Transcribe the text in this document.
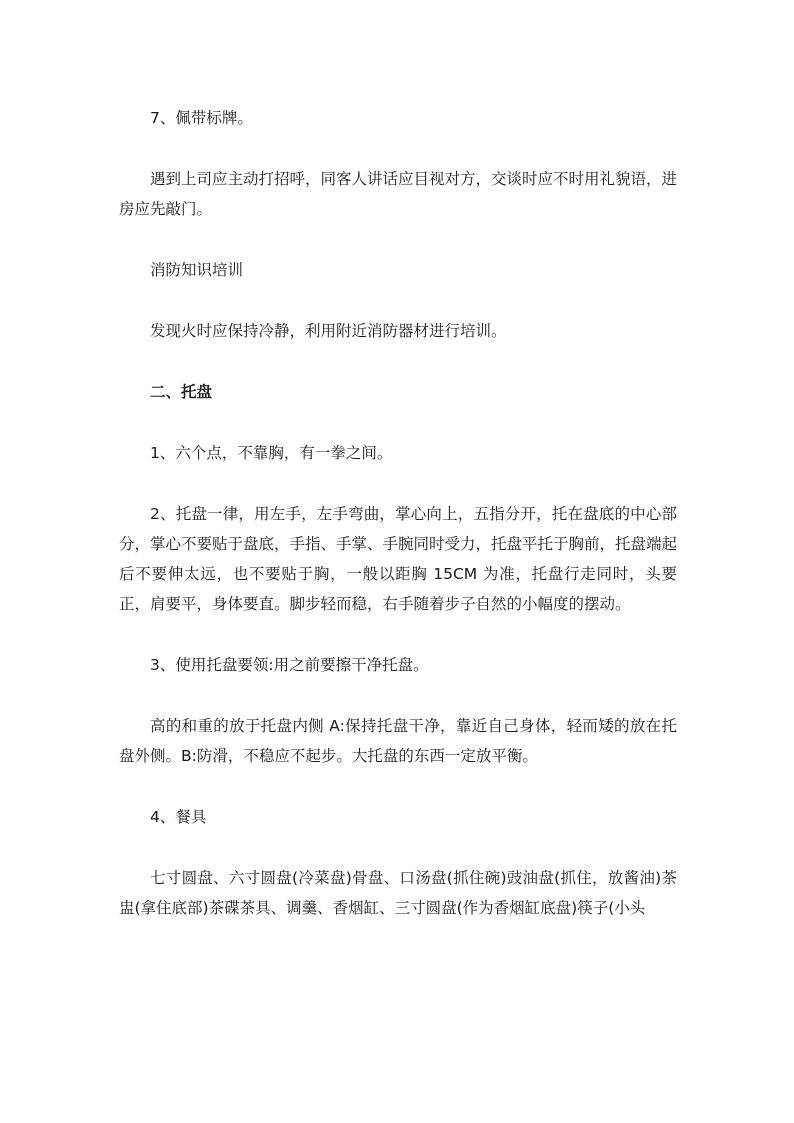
7、佩带标牌。

遇到上司应主动打招呼，同客人讲话应目视对方，交谈时应不时用礼貌语，进房应先敲门。

消防知识培训

发现火时应保持冷静，利用附近消防器材进行培训。

二、托盘

1、六个点，不靠胸，有一拳之间。

2、托盘一律，用左手，左手弯曲，掌心向上，五指分开，托在盘底的中心部分，掌心不要贴于盘底，手指、手掌、手腕同时受力，托盘平托于胸前，托盘端起后不要伸太远，也不要贴于胸，一般以距胸 15CM 为准，托盘行走同时，头要正，肩要平，身体要直。脚步轻而稳，右手随着步子自然的小幅度的摆动。

3、使用托盘要领:用之前要擦干净托盘。

高的和重的放于托盘内侧 A:保持托盘干净，靠近自己身体，轻而矮的放在托盘外侧。B:防滑，不稳应不起步。大托盘的东西一定放平衡。

4、餐具

七寸圆盘、六寸圆盘(冷菜盘)骨盘、口汤盘(抓住碗)豉油盘(抓住，放酱油)茶盅(拿住底部)茶碟茶具、调羹、香烟缸、三寸圆盘(作为香烟缸底盘)筷子(小头
